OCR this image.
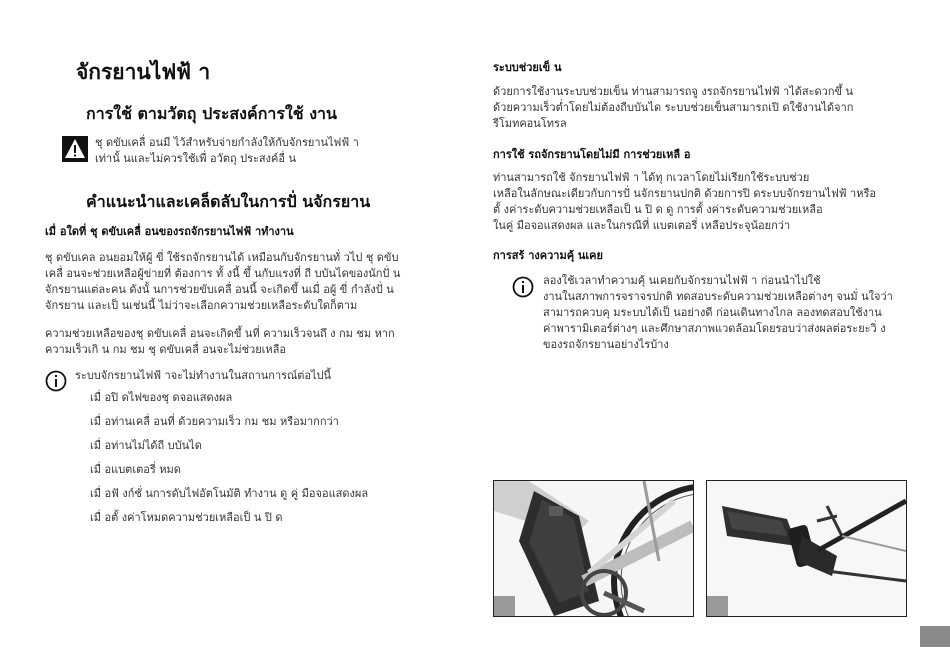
จักรยานไฟฟ้ า
การใช้ ตามวัตถุ ประสงค์การใช้ งาน

ชุ ดขับเคลื่ อนมี ไว้สำหรับจ่ายกำลังให้กับจักรยานไฟฟ้ า

เท่านั้ นและไม่ควรใช้เพื่ อวัตถุ ประสงค์อื่ น

คำแนะนำและเคล็ดลับในการปั่ นจักรยาน
เมื่ อใดที่ ชุ ดขับเคลื่ อนของรถจักรยานไฟฟ้ าทำงาน

ชุ ดขับเคล อนยอมให้ผู้ ขี่ ใช้รถจักรยานได้ เหมือนกับจักรยานทั่ วไป ชุ ดขับ

เคลื่ อนจะช่วยเหลือผู้ข่ายที่ ต้องการ ทั้ งนี้ ขึ้ นกับแรงที่ ถี บบันไดของนักปั่ น

จักรยานแต่ละคน ดังนั้ นการช่วยขับเคลื่ อนนี้ จะเกิดขึ้ นเมื่ อผู้ ขี่ กำลังปั่ น

จักรยาน และเป็ นเช่นนี้ ไม่ว่าจะเลือกความช่วยเหลือระดับใดก็ตาม

ความช่วยเหลือของชุ ดขับเคลื่ อนจะเกิดขึ้ นที่ ความเร็วจนถึ ง กม ชม หาก

ความเร็วเกิ น กม ชม ชุ ดขับเคลื่ อนจะไม่ช่วยเหลือ

ระบบจักรยานไฟฟ้ าจะไม่ทำงานในสถานการณ์ต่อไปนี้

เมื่ อปิ ดไฟของชุ ดจอแสดงผล

เมื่ อท่านเคลื่ อนที่ ด้วยความเร็ว กม ชม หรือมากกว่า

เมื่ อท่านไม่ได้ถี บบันได

เมื่ อแบตเตอรี่ หมด

เมื่ อฟั งก์ชั่ นการดับไฟอัตโนมัติ ทำงาน ดู คู่ มือจอแสดงผล

เมื่ อตั้ งค่าโหมดความช่วยเหลือเป็ น ปิ ด

ระบบช่วยเข็ น

ด้วยการใช้งานระบบช่วยเข็น ท่านสามารถจู งรถจักรยานไฟฟ้ าได้สะดวกขึ้ น

ด้วยความเร็วต่ำโดยไม่ต้องถีบบันได ระบบช่วยเข็นสามารถเปิ ดใช้งานได้จาก

รีโมทคอนโทรล

การใช้ รถจักรยานโดยไม่มี การช่วยเหลื อ

ท่านสามารถใช้ จักรยานไฟฟ้ า ได้ทุ กเวลาโดยไม่เรียกใช้ระบบช่วย

เหลือในลักษณะเดียวกับการปั่ นจักรยานปกติ ด้วยการปิ ดระบบจักรยานไฟฟ้ าหรือ

ตั้ งค่าระดับความช่วยเหลือเป็ น ปิ ด ดู การตั้ งค่าระดับความช่วยเหลือ

ในคู่ มือจอแสดงผล และในกรณีที่ แบตเตอรี่ เหลือประจุน้อยกว่า

การสร้ างความคุ้ นเคย

ลองใช้เวลาทำความคุ้ นเคยกับจักรยานไฟฟ้ า ก่อนนำไปใช้

งานในสภาพการจราจรปกติ ทดสอบระดับความช่วยเหลือต่างๆ จนมั่ นใจว่า

สามารถควบคุ มระบบได้เป็ นอย่างดี ก่อนเดินทางไกล ลองทดสอบใช้งาน

ค่าพารามิเตอร์ต่างๆ และศึกษาสภาพแวดล้อมโดยรอบว่าส่งผลต่อระยะวิ่ ง

ของรถจักรยานอย่างไรบ้าง
